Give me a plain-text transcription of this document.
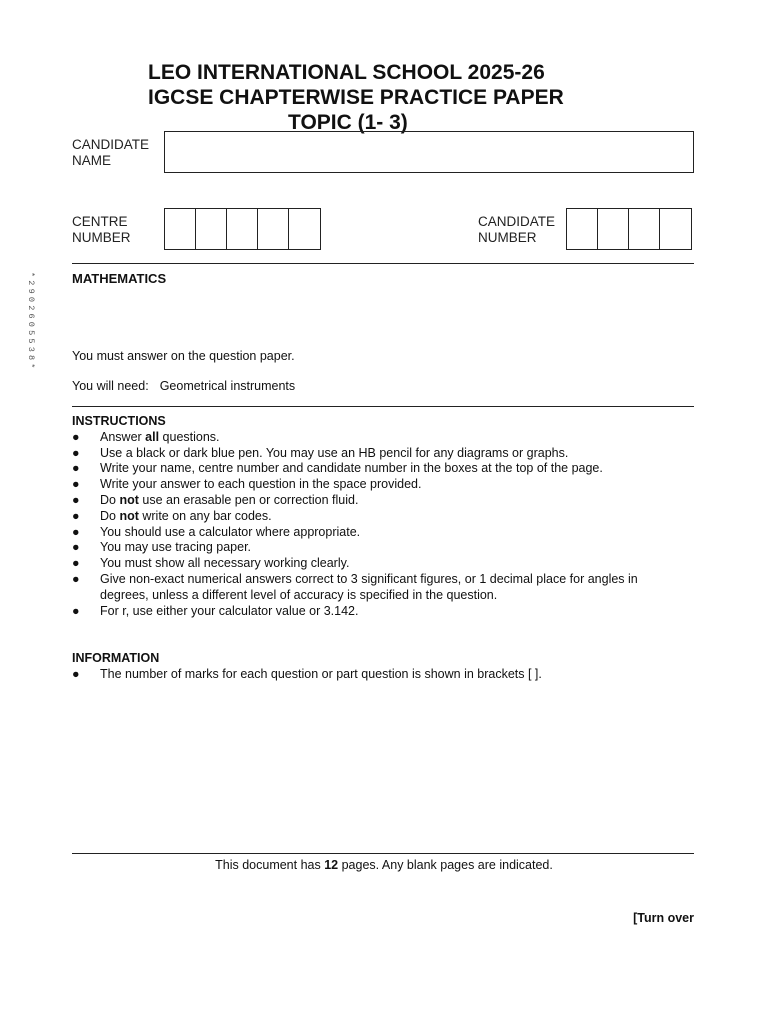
LEO INTERNATIONAL SCHOOL 2025-26
IGCSE CHAPTERWISE PRACTICE PAPER
TOPIC (1- 3)
CANDIDATE
NAME
CENTRE
NUMBER
CANDIDATE
NUMBER
*2902605538*	MATHEMATICS
You must answer on the question paper.
You will need: Geometrical instruments
INSTRUCTIONS
● Answer all questions.
● Use a black or dark blue pen. You may use an HB pencil for any diagrams or graphs.
● Write your name, centre number and candidate number in the boxes at the top of the page.
● Write your answer to each question in the space provided.
● Do not use an erasable pen or correction fluid.
● Do not write on any bar codes.
● You should use a calculator where appropriate.
● You may use tracing paper.
● You must show all necessary working clearly.
● Give non-exact numerical answers correct to 3 significant figures, or 1 decimal place for angles in degrees, unless a different level of accuracy is specified in the question.
● For r, use either your calculator value or 3.142.
INFORMATION
● The number of marks for each question or part question is shown in brackets [ ].
This document has 12 pages. Any blank pages are indicated.
[Turn over
